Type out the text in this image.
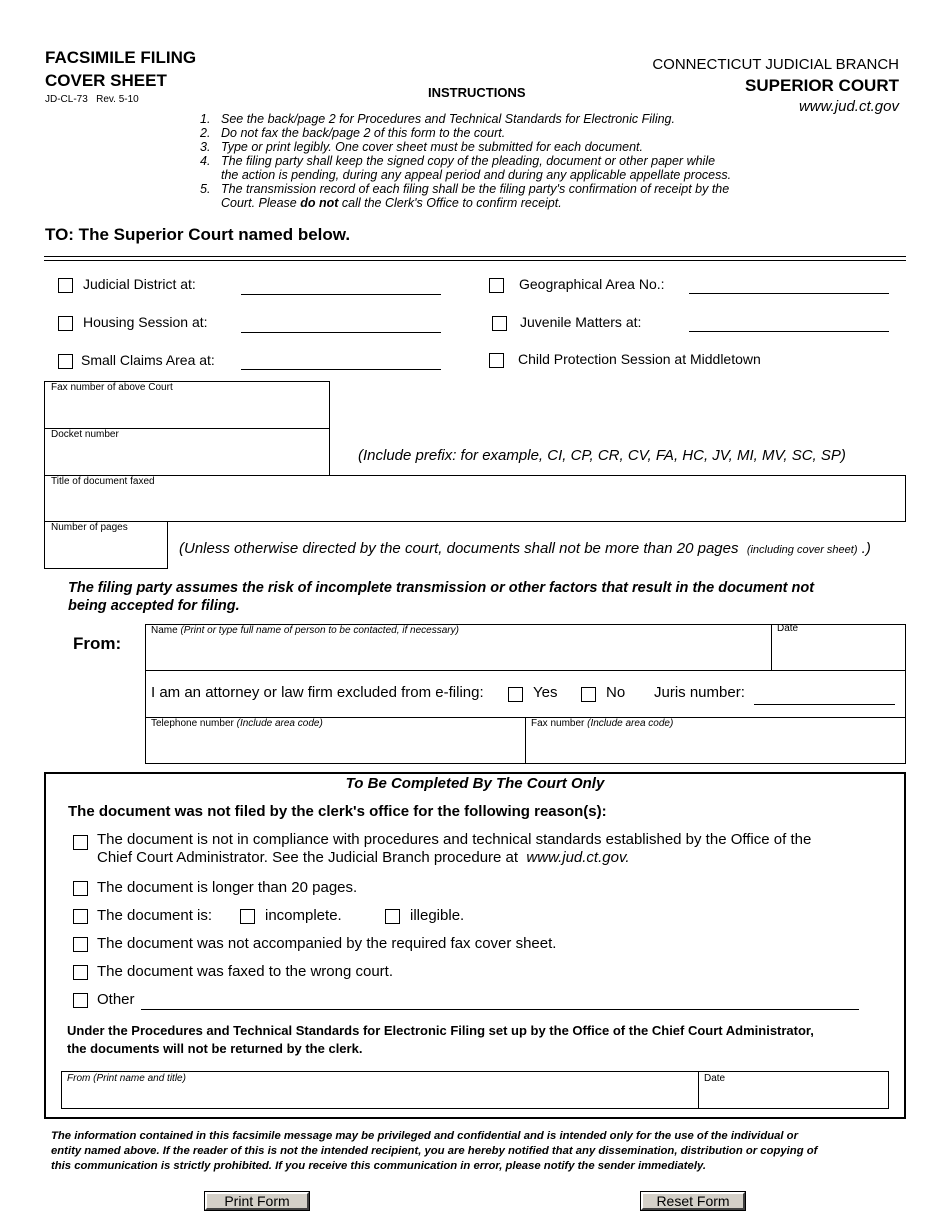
FACSIMILE FILING
COVER SHEET
JD-CL-73   Rev. 5-10	INSTRUCTIONS
CONNECTICUT JUDICIAL BRANCH
SUPERIOR COURT
www.jud.ct.gov
1. See the back/page 2 for Procedures and Technical Standards for Electronic Filing.
2. Do not fax the back/page 2 of this form to the court.
3. Type or print legibly. One cover sheet must be submitted for each document.
4. The filing party shall keep the signed copy of the pleading, document or other paper while
the action is pending, during any appeal period and during any applicable appellate process.
5. The transmission record of each filing shall be the filing party's confirmation of receipt by the
Court. Please do not call the Clerk's Office to confirm receipt.
TO: The Superior Court named below.
Judicial District at:
Housing Session at:
Small Claims Area at:
Geographical Area No.:
Juvenile Matters at:
Child Protection Session at Middletown
Fax number of above Court
Docket number
(Include prefix: for example, CI, CP, CR, CV, FA, HC, JV, MI, MV, SC, SP)
Title of document faxed
Number of pages
(Unless otherwise directed by the court, documents shall not be more than 20 pages (including cover sheet) .)
The filing party assumes the risk of incomplete transmission or other factors that result in the document not
being accepted for filing.
From:
Name (Print or type full name of person to be contacted, if necessary)	Date
I am an attorney or law firm excluded from e-filing:	Yes	No Juris number:
Telephone number (Include area code)	Fax number (Include area code)
To Be Completed By The Court Only
The document was not filed by the clerk's office for the following reason(s):
The document is not in compliance with procedures and technical standards established by the Office of the
Chief Court Administrator. See the Judicial Branch procedure at www.jud.ct.gov.
The document is longer than 20 pages.
The document is:	incomplete.	illegible.
The document was not accompanied by the required fax cover sheet.
The document was faxed to the wrong court.
Other
Under the Procedures and Technical Standards for Electronic Filing set up by the Office of the Chief Court Administrator,
the documents will not be returned by the clerk.
From (Print name and title)	Date
The information contained in this facsimile message may be privileged and confidential and is intended only for the use of the individual or
entity named above. If the reader of this is not the intended recipient, you are hereby notified that any dissemination, distribution or copying of
this communication is strictly prohibited. If you receive this communication in error, please notify the sender immediately.
Print Form	Reset Form
